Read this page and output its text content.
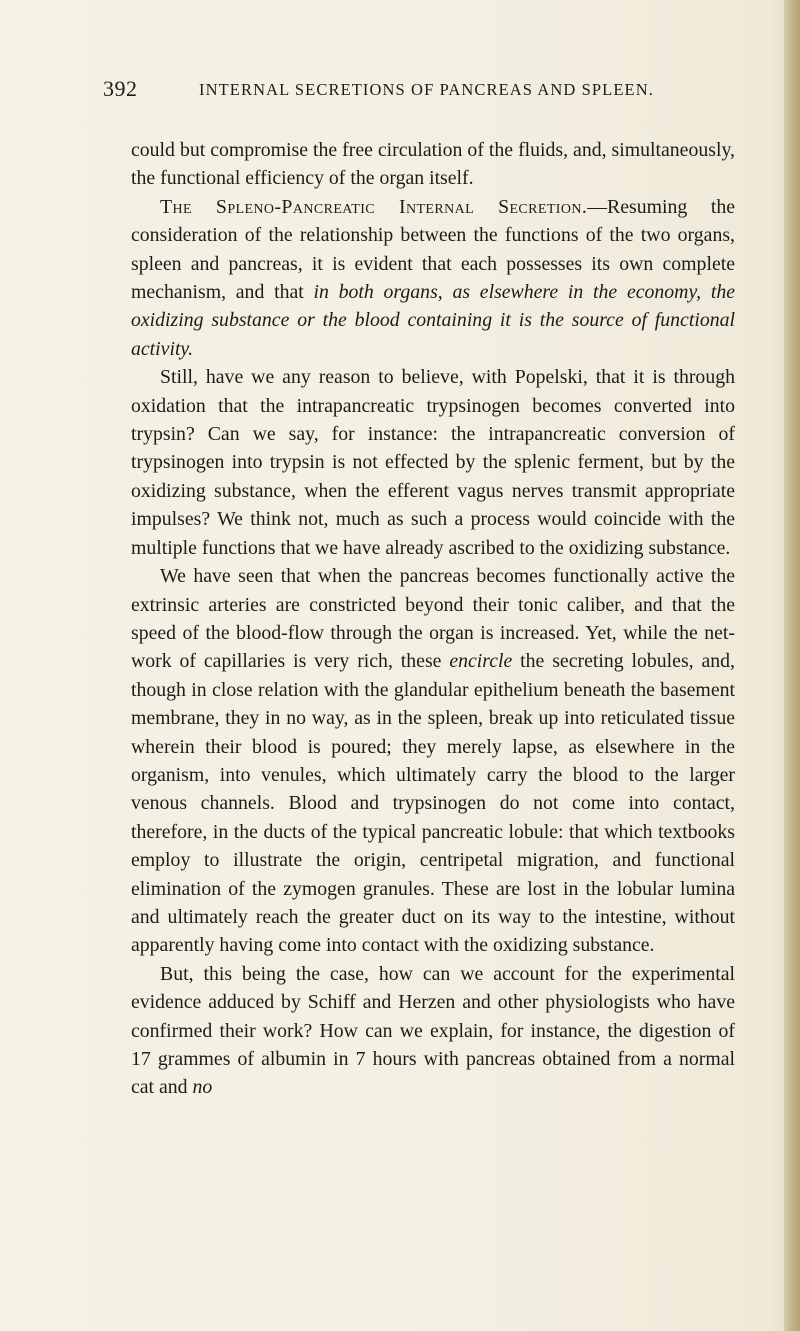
392	INTERNAL SECRETIONS OF PANCREAS AND SPLEEN.

could but compromise the free circulation of the fluids, and, simultaneously, the functional efficiency of the organ itself.

The Spleno-Pancreatic Internal Secretion.—Resuming the consideration of the relationship between the functions of the two organs, spleen and pancreas, it is evident that each possesses its own complete mechanism, and that in both organs, as elsewhere in the economy, the oxidizing substance or the blood containing it is the source of functional activity.

Still, have we any reason to believe, with Popelski, that it is through oxidation that the intrapancreatic trypsinogen becomes converted into trypsin? Can we say, for instance: the intrapancreatic conversion of trypsinogen into trypsin is not effected by the splenic ferment, but by the oxidizing substance, when the efferent vagus nerves transmit appropriate impulses? We think not, much as such a process would coincide with the multiple functions that we have already ascribed to the oxidizing substance.

We have seen that when the pancreas becomes functionally active the extrinsic arteries are constricted beyond their tonic caliber, and that the speed of the blood-flow through the organ is increased. Yet, while the net-work of capillaries is very rich, these encircle the secreting lobules, and, though in close relation with the glandular epithelium beneath the basement membrane, they in no way, as in the spleen, break up into reticulated tissue wherein their blood is poured; they merely lapse, as elsewhere in the organism, into venules, which ultimately carry the blood to the larger venous channels. Blood and trypsinogen do not come into contact, therefore, in the ducts of the typical pancreatic lobule: that which textbooks employ to illustrate the origin, centripetal migration, and functional elimination of the zymogen granules. These are lost in the lobular lumina and ultimately reach the greater duct on its way to the intestine, without apparently having come into contact with the oxidizing substance.

But, this being the case, how can we account for the experimental evidence adduced by Schiff and Herzen and other physiologists who have confirmed their work? How can we explain, for instance, the digestion of 17 grammes of albumin in 7 hours with pancreas obtained from a normal cat and no
